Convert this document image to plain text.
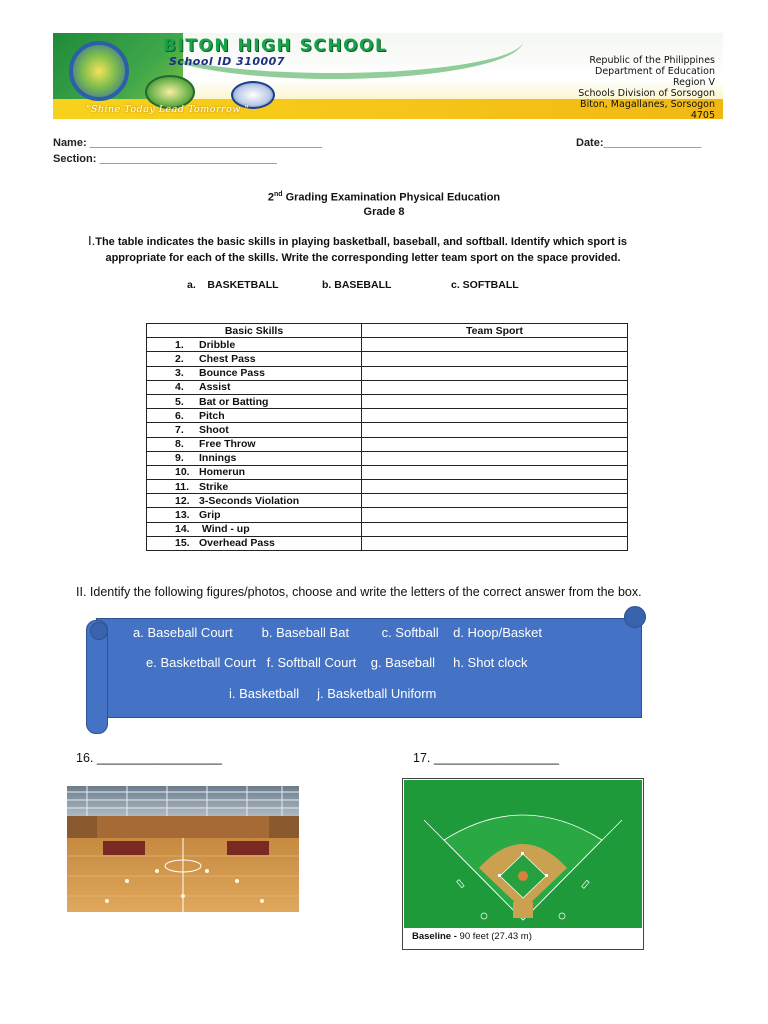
BITON HIGH SCHOOL
School ID 310007
"Shine Today Lead Tomorrow "
Republic of the Philippines
Department of Education
Region V
Schools Division of Sorsogon
Biton, Magallanes, Sorsogon
4705
Name: ______________________________________	Date:________________
Section: _____________________________
2nd Grading Examination Physical Education
Grade 8
I.The table indicates the basic skills in playing basketball, baseball, and softball. Identify which sport is
appropriate for each of the skills. Write the corresponding letter team sport on the space provided.
a.    BASKETBALL	b. BASEBALL	c. SOFTBALL
Basic Skills	Team Sport
1. Dribble	
2. Chest Pass	
3. Bounce Pass	
4. Assist	
5. Bat or Batting	
6. Pitch	
7. Shoot	
8. Free Throw	
9. Innings	
10. Homerun	
11. Strike	
12. 3-Seconds Violation	
13. Grip	
14. Wind - up	
15. Overhead Pass	
II. Identify the following figures/photos, choose and write the letters of the correct answer from the box.
a. Baseball Court        b. Baseball Bat         c. Softball    d. Hoop/Basket
e. Basketball Court   f. Softball Court    g. Baseball     h. Shot clock
i. Basketball     j. Basketball Uniform
16. __________________	17. __________________
Baseline - 90 feet (27.43 m)
